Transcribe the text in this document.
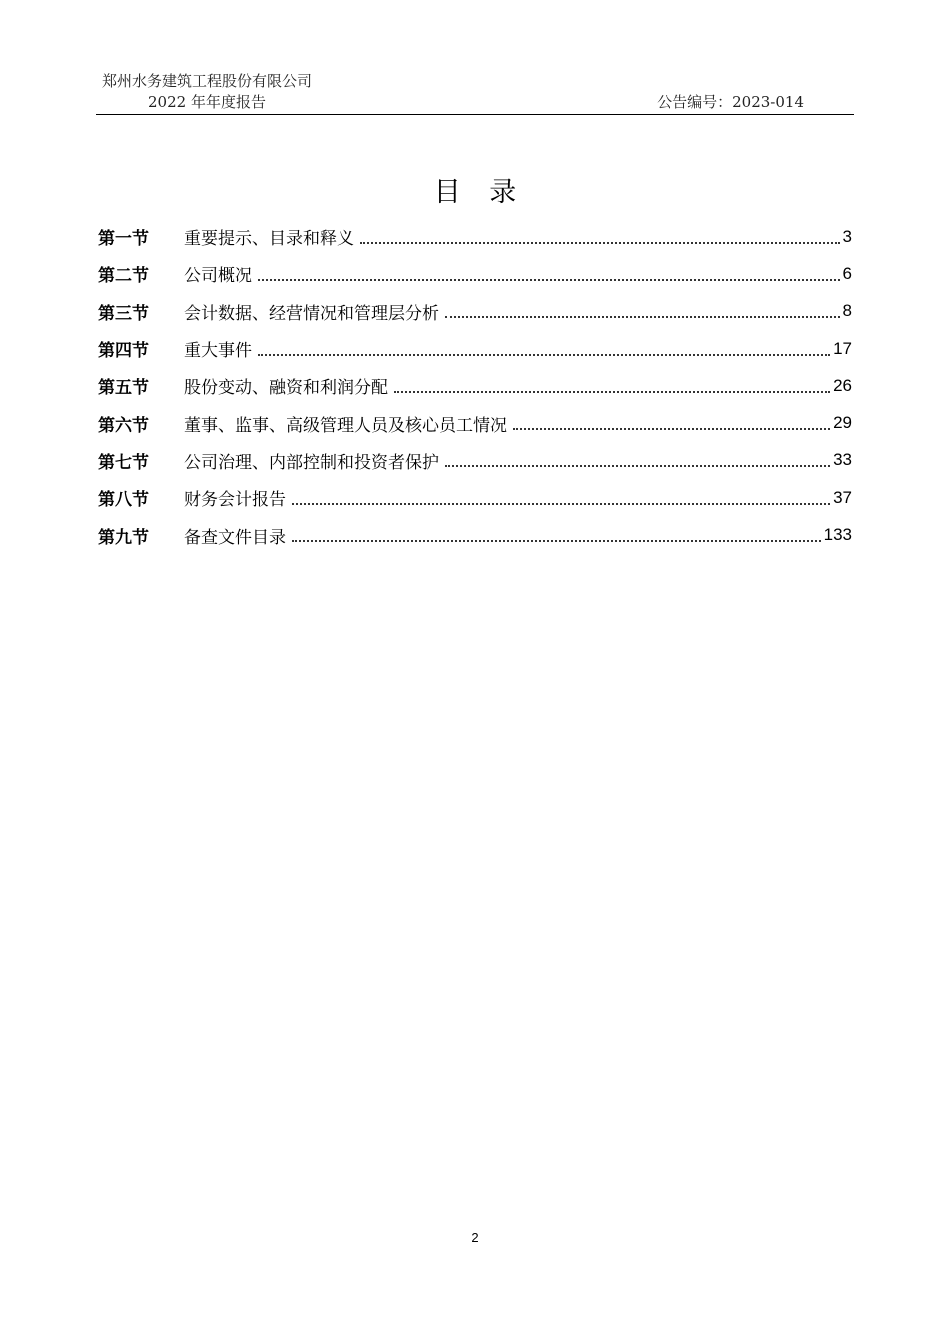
郑州水务建筑工程股份有限公司
2022 年年度报告	公告编号：2023-014
目 录
第一节	重要提示、目录和释义	3
第二节	公司概况	6
第三节	会计数据、经营情况和管理层分析	8
第四节	重大事件	17
第五节	股份变动、融资和利润分配	26
第六节	董事、监事、高级管理人员及核心员工情况	29
第七节	公司治理、内部控制和投资者保护	33
第八节	财务会计报告	37
第九节	备查文件目录	133
2
